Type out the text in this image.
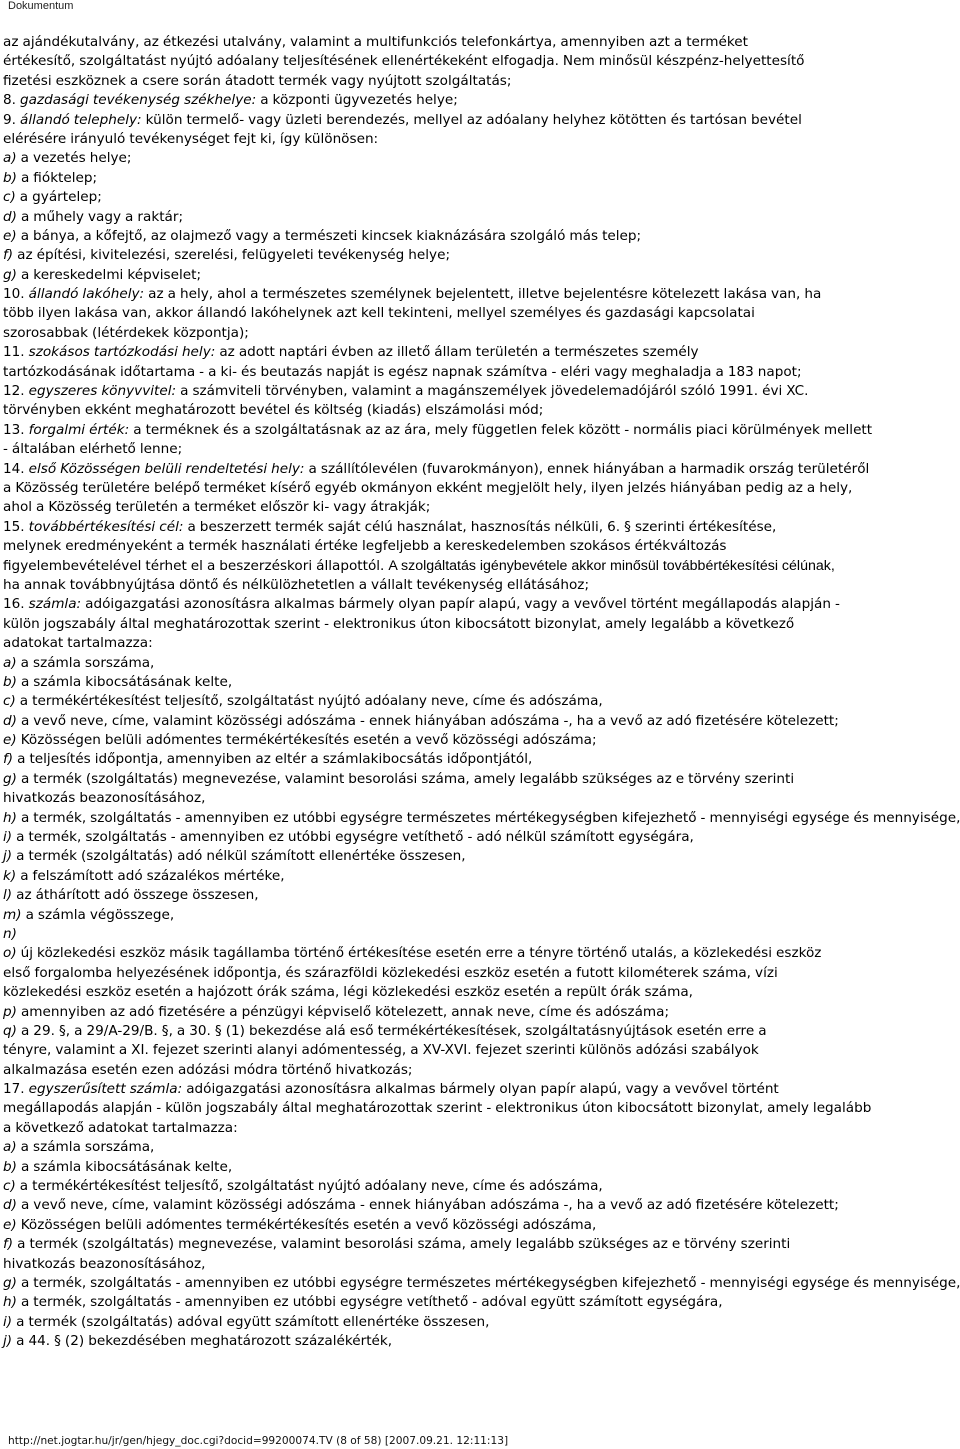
Dokumentum
az ajándékutalvány, az étkezési utalvány, valamint a multifunkciós telefonkártya, amennyiben azt a terméket
értékesítő, szolgáltatást nyújtó adóalany teljesítésének ellenértékeként elfogadja. Nem minősül készpénz-helyettesítő
fizetési eszköznek a csere során átadott termék vagy nyújtott szolgáltatás;
8. gazdasági tevékenység székhelye: a központi ügyvezetés helye;
9. állandó telephely: külön termelő- vagy üzleti berendezés, mellyel az adóalany helyhez kötötten és tartósan bevétel
elérésére irányuló tevékenységet fejt ki, így különösen:
a) a vezetés helye;
b) a fióktelep;
c) a gyártelep;
d) a műhely vagy a raktár;
e) a bánya, a kőfejtő, az olajmező vagy a természeti kincsek kiaknázására szolgáló más telep;
f) az építési, kivitelezési, szerelési, felügyeleti tevékenység helye;
g) a kereskedelmi képviselet;
10. állandó lakóhely: az a hely, ahol a természetes személynek bejelentett, illetve bejelentésre kötelezett lakása van, ha
több ilyen lakása van, akkor állandó lakóhelynek azt kell tekinteni, mellyel személyes és gazdasági kapcsolatai
szorosabbak (létérdekek központja);
11. szokásos tartózkodási hely: az adott naptári évben az illető állam területén a természetes személy
tartózkodásának időtartama - a ki- és beutazás napját is egész napnak számítva - eléri vagy meghaladja a 183 napot;
12. egyszeres könyvvitel: a számviteli törvényben, valamint a magánszemélyek jövedelemadójáról szóló 1991. évi XC.
törvényben ekként meghatározott bevétel és költség (kiadás) elszámolási mód;
13. forgalmi érték: a terméknek és a szolgáltatásnak az az ára, mely független felek között - normális piaci körülmények mellett
- általában elérhető lenne;
14. első Közösségen belüli rendeltetési hely: a szállítólevélen (fuvarokmányon), ennek hiányában a harmadik ország területéről
a Közösség területére belépő terméket kísérő egyéb okmányon ekként megjelölt hely, ilyen jelzés hiányában pedig az a hely,
ahol a Közösség területén a terméket először ki- vagy átrakják;
15. továbbértékesítési cél: a beszerzett termék saját célú használat, hasznosítás nélküli, 6. § szerinti értékesítése,
melynek eredményeként a termék használati értéke legfeljebb a kereskedelemben szokásos értékváltozás
figyelembevételével térhet el a beszerzéskori állapottól. A szolgáltatás igénybevétele akkor minősül továbbértékesítési célúnak,
ha annak továbbnyújtása döntő és nélkülözhetetlen a vállalt tevékenység ellátásához;
16. számla: adóigazgatási azonosításra alkalmas bármely olyan papír alapú, vagy a vevővel történt megállapodás alapján -
külön jogszabály által meghatározottak szerint - elektronikus úton kibocsátott bizonylat, amely legalább a következő
adatokat tartalmazza:
a) a számla sorszáma,
b) a számla kibocsátásának kelte,
c) a termékértékesítést teljesítő, szolgáltatást nyújtó adóalany neve, címe és adószáma,
d) a vevő neve, címe, valamint közösségi adószáma - ennek hiányában adószáma -, ha a vevő az adó fizetésére kötelezett;
e) Közösségen belüli adómentes termékértékesítés esetén a vevő közösségi adószáma;
f) a teljesítés időpontja, amennyiben az eltér a számlakibocsátás időpontjától,
g) a termék (szolgáltatás) megnevezése, valamint besorolási száma, amely legalább szükséges az e törvény szerinti
hivatkozás beazonosításához,
h) a termék, szolgáltatás - amennyiben ez utóbbi egységre természetes mértékegységben kifejezhető - mennyiségi egysége és mennyisége,
i) a termék, szolgáltatás - amennyiben ez utóbbi egységre vetíthető - adó nélkül számított egységára,
j) a termék (szolgáltatás) adó nélkül számított ellenértéke összesen,
k) a felszámított adó százalékos mértéke,
l) az áthárított adó összege összesen,
m) a számla végösszege,
n)
o) új közlekedési eszköz másik tagállamba történő értékesítése esetén erre a tényre történő utalás, a közlekedési eszköz
első forgalomba helyezésének időpontja, és szárazföldi közlekedési eszköz esetén a futott kilométerek száma, vízi
közlekedési eszköz esetén a hajózott órák száma, légi közlekedési eszköz esetén a repült órák száma,
p) amennyiben az adó fizetésére a pénzügyi képviselő kötelezett, annak neve, címe és adószáma;
q) a 29. §, a 29/A-29/B. §, a 30. § (1) bekezdése alá eső termékértékesítések, szolgáltatásnyújtások esetén erre a
tényre, valamint a XI. fejezet szerinti alanyi adómentesség, a XV-XVI. fejezet szerinti különös adózási szabályok
alkalmazása esetén ezen adózási módra történő hivatkozás;
17. egyszerűsített számla: adóigazgatási azonosításra alkalmas bármely olyan papír alapú, vagy a vevővel történt
megállapodás alapján - külön jogszabály által meghatározottak szerint - elektronikus úton kibocsátott bizonylat, amely legalább
a következő adatokat tartalmazza:
a) a számla sorszáma,
b) a számla kibocsátásának kelte,
c) a termékértékesítést teljesítő, szolgáltatást nyújtó adóalany neve, címe és adószáma,
d) a vevő neve, címe, valamint közösségi adószáma - ennek hiányában adószáma -, ha a vevő az adó fizetésére kötelezett;
e) Közösségen belüli adómentes termékértékesítés esetén a vevő közösségi adószáma,
f) a termék (szolgáltatás) megnevezése, valamint besorolási száma, amely legalább szükséges az e törvény szerinti
hivatkozás beazonosításához,
g) a termék, szolgáltatás - amennyiben ez utóbbi egységre természetes mértékegységben kifejezhető - mennyiségi egysége és mennyisége,
h) a termék, szolgáltatás - amennyiben ez utóbbi egységre vetíthető - adóval együtt számított egységára,
i) a termék (szolgáltatás) adóval együtt számított ellenértéke összesen,
j) a 44. § (2) bekezdésében meghatározott százalékérték,
http://net.jogtar.hu/jr/gen/hjegy_doc.cgi?docid=99200074.TV (8 of 58) [2007.09.21. 12:11:13]
